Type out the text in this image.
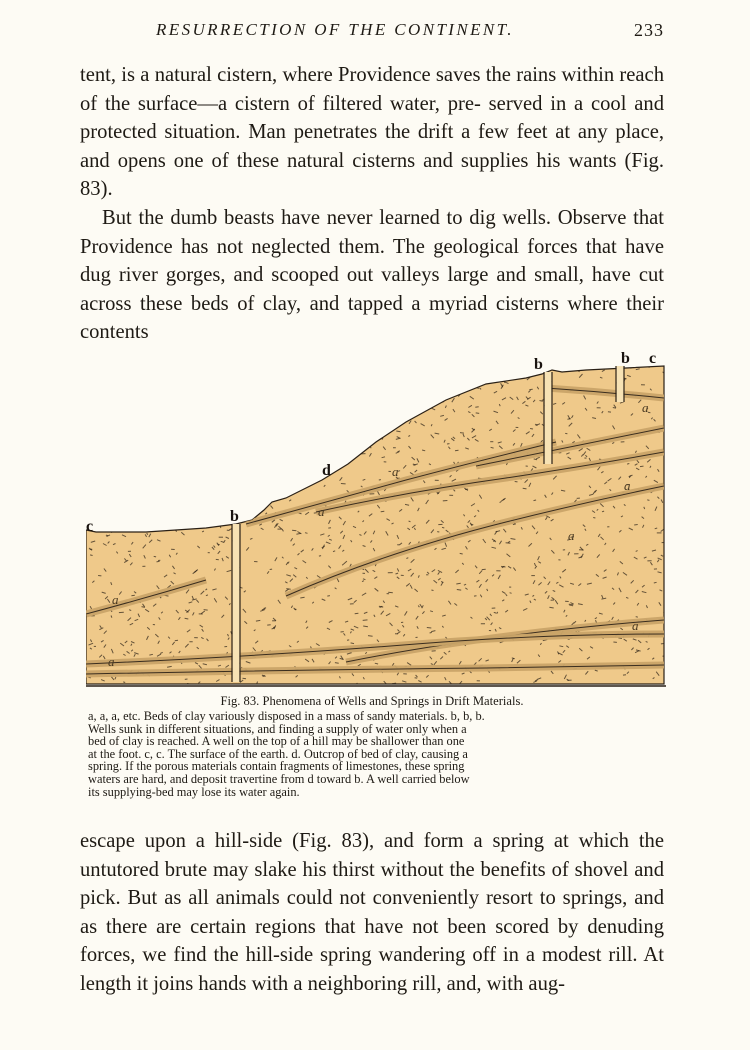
RESURRECTION OF THE CONTINENT.	233

tent, is a natural cistern, where Providence saves the rains within reach of the surface—a cistern of filtered water, pre- served in a cool and protected situation. Man penetrates the drift a few feet at any place, and opens one of these natural cisterns and supplies his wants (Fig. 83).

But the dumb beasts have never learned to dig wells. Observe that Providence has not neglected them. The geological forces that have dug river gorges, and scooped out valleys large and small, have cut across these beds of clay, and tapped a myriad cisterns where their contents

b	b c
d
c
b
a
a
a
a
a
a
a
a
Fig. 83. Phenomena of Wells and Springs in Drift Materials.
a, a, a, etc. Beds of clay variously disposed in a mass of sandy materials. b, b, b.
Wells sunk in different situations, and finding a supply of water only when a
bed of clay is reached. A well on the top of a hill may be shallower than one
at the foot. c, c. The surface of the earth. d. Outcrop of bed of clay, causing a
spring. If the porous materials contain fragments of limestones, these spring
waters are hard, and deposit travertine from d toward b. A well carried below
its supplying-bed may lose its water again.

escape upon a hill-side (Fig. 83), and form a spring at which the untutored brute may slake his thirst without the benefits of shovel and pick. But as all animals could not conveniently resort to springs, and as there are certain regions that have not been scored by denuding forces, we find the hill-side spring wandering off in a modest rill. At length it joins hands with a neighboring rill, and, with aug-
